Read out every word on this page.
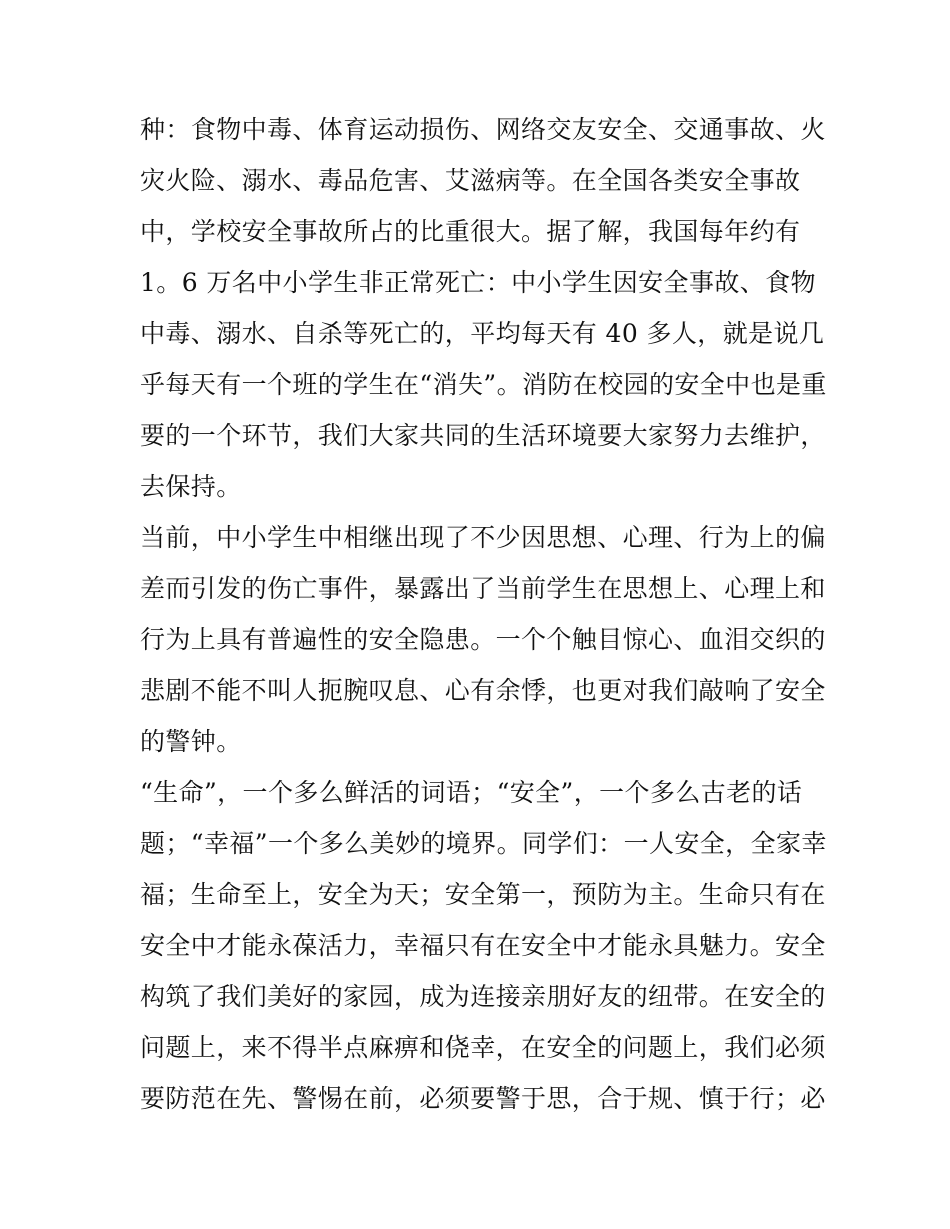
种：食物中毒、体育运动损伤、网络交友安全、交通事故、火
灾火险、溺水、毒品危害、艾滋病等。在全国各类安全事故
中，学校安全事故所占的比重很大。据了解，我国每年约有
1。6 万名中小学生非正常死亡：中小学生因安全事故、食物
中毒、溺水、自杀等死亡的，平均每天有 40 多人，就是说几
乎每天有一个班的学生在“消失”。消防在校园的安全中也是重
要的一个环节，我们大家共同的生活环境要大家努力去维护，
去保持。
当前，中小学生中相继出现了不少因思想、心理、行为上的偏
差而引发的伤亡事件，暴露出了当前学生在思想上、心理上和
行为上具有普遍性的安全隐患。一个个触目惊心、血泪交织的
悲剧不能不叫人扼腕叹息、心有余悸，也更对我们敲响了安全
的警钟。
“生命”，一个多么鲜活的词语；“安全”，一个多么古老的话
题；“幸福”一个多么美妙的境界。同学们：一人安全，全家幸
福；生命至上，安全为天；安全第一，预防为主。生命只有在
安全中才能永葆活力，幸福只有在安全中才能永具魅力。安全
构筑了我们美好的家园，成为连接亲朋好友的纽带。在安全的
问题上，来不得半点麻痹和侥幸，在安全的问题上，我们必须
要防范在先、警惕在前，必须要警于思，合于规、慎于行；必
